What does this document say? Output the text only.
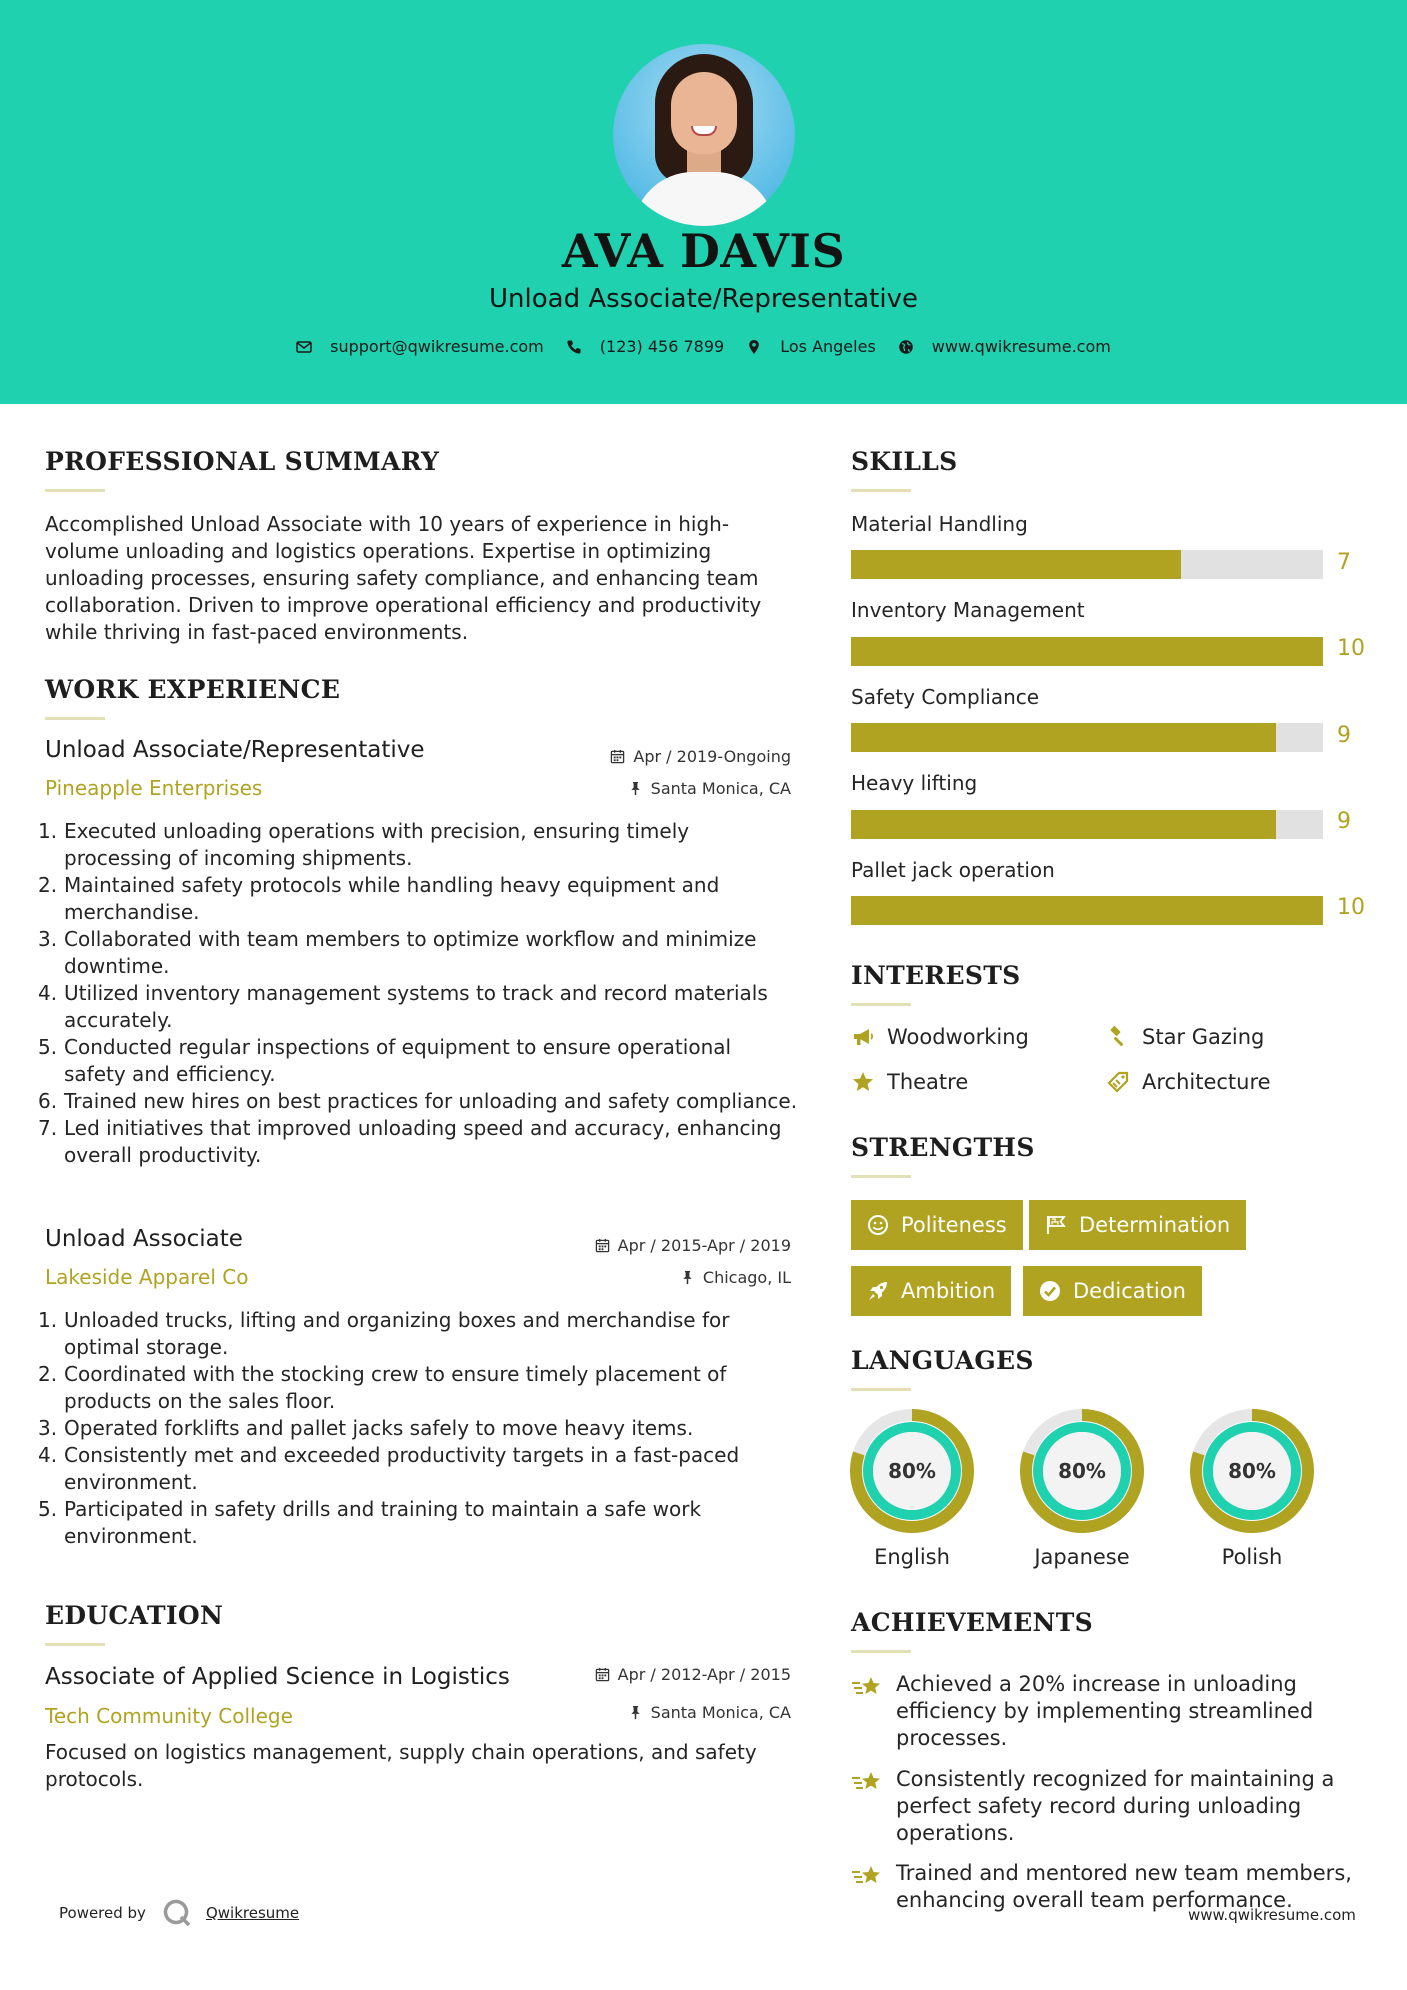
AVA DAVIS
Unload Associate/Representative
support@qwikresume.com	(123) 456 7899	Los Angeles	www.qwikresume.com
PROFESSIONAL SUMMARY
Accomplished Unload Associate with 10 years of experience in high-volume unloading and logistics operations. Expertise in optimizing unloading processes, ensuring safety compliance, and enhancing team collaboration. Driven to improve operational efficiency and productivity while thriving in fast-paced environments.
WORK EXPERIENCE
Unload Associate/Representative	Apr / 2019-Ongoing
Pineapple Enterprises	Santa Monica, CA
1. Executed unloading operations with precision, ensuring timely processing of incoming shipments.
2. Maintained safety protocols while handling heavy equipment and merchandise.
3. Collaborated with team members to optimize workflow and minimize downtime.
4. Utilized inventory management systems to track and record materials accurately.
5. Conducted regular inspections of equipment to ensure operational safety and efficiency.
6. Trained new hires on best practices for unloading and safety compliance.
7. Led initiatives that improved unloading speed and accuracy, enhancing overall productivity.
Unload Associate	Apr / 2015-Apr / 2019
Lakeside Apparel Co	Chicago, IL
1. Unloaded trucks, lifting and organizing boxes and merchandise for optimal storage.
2. Coordinated with the stocking crew to ensure timely placement of products on the sales floor.
3. Operated forklifts and pallet jacks safely to move heavy items.
4. Consistently met and exceeded productivity targets in a fast-paced environment.
5. Participated in safety drills and training to maintain a safe work environment.
EDUCATION
Associate of Applied Science in Logistics	Apr / 2012-Apr / 2015
Tech Community College	Santa Monica, CA
Focused on logistics management, supply chain operations, and safety protocols.
SKILLS
Material Handling
7
Inventory Management
10
Safety Compliance
9
Heavy lifting
9
Pallet jack operation
10
INTERESTS
Woodworking	Star Gazing
Theatre	Architecture
STRENGTHS
Politeness	Determination
Ambition	Dedication
LANGUAGES
80%
English
80%
Japanese
80%
Polish
ACHIEVEMENTS
Achieved a 20% increase in unloading efficiency by implementing streamlined processes.
Consistently recognized for maintaining a perfect safety record during unloading operations.
Trained and mentored new team members, enhancing overall team performance.
Powered by	Qwikresume	www.qwikresume.com
